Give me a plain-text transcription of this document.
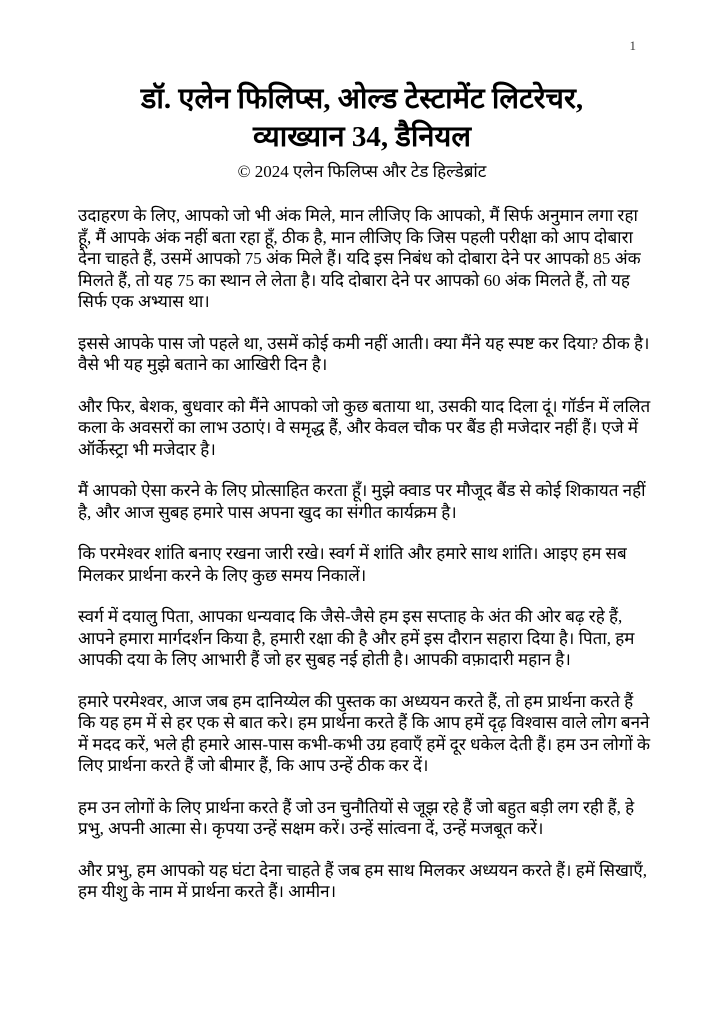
1
डॉ. एलेन फिलिप्स, ओल्ड टेस्टामेंट लिटरेचर,
व्याख्यान 34, डैनियल
© 2024 एलेन फिलिप्स और टेड हिल्डेब्रांट

उदाहरण के लिए, आपको जो भी अंक मिले, मान लीजिए कि आपको, मैं सिर्फ अनुमान लगा रहा हूँ, मैं आपके अंक नहीं बता रहा हूँ, ठीक है, मान लीजिए कि जिस पहली परीक्षा को आप दोबारा देना चाहते हैं, उसमें आपको 75 अंक मिले हैं। यदि इस निबंध को दोबारा देने पर आपको 85 अंक मिलते हैं, तो यह 75 का स्थान ले लेता है। यदि दोबारा देने पर आपको 60 अंक मिलते हैं, तो यह सिर्फ एक अभ्यास था।

इससे आपके पास जो पहले था, उसमें कोई कमी नहीं आती। क्या मैंने यह स्पष्ट कर दिया? ठीक है। वैसे भी यह मुझे बताने का आखिरी दिन है।

और फिर, बेशक, बुधवार को मैंने आपको जो कुछ बताया था, उसकी याद दिला दूं। गॉर्डन में ललित कला के अवसरों का लाभ उठाएं। वे समृद्ध हैं, और केवल चौक पर बैंड ही मजेदार नहीं हैं। एजे में ऑर्केस्ट्रा भी मजेदार है।

मैं आपको ऐसा करने के लिए प्रोत्साहित करता हूँ। मुझे क्वाड पर मौजूद बैंड से कोई शिकायत नहीं है, और आज सुबह हमारे पास अपना खुद का संगीत कार्यक्रम है।

कि परमेश्वर शांति बनाए रखना जारी रखे। स्वर्ग में शांति और हमारे साथ शांति। आइए हम सब मिलकर प्रार्थना करने के लिए कुछ समय निकालें।

स्वर्ग में दयालु पिता, आपका धन्यवाद कि जैसे-जैसे हम इस सप्ताह के अंत की ओर बढ़ रहे हैं, आपने हमारा मार्गदर्शन किया है, हमारी रक्षा की है और हमें इस दौरान सहारा दिया है। पिता, हम आपकी दया के लिए आभारी हैं जो हर सुबह नई होती है। आपकी वफ़ादारी महान है।

हमारे परमेश्वर, आज जब हम दानिय्येल की पुस्तक का अध्ययन करते हैं, तो हम प्रार्थना करते हैं कि यह हम में से हर एक से बात करे। हम प्रार्थना करते हैं कि आप हमें दृढ़ विश्वास वाले लोग बनने में मदद करें, भले ही हमारे आस-पास कभी-कभी उग्र हवाएँ हमें दूर धकेल देती हैं। हम उन लोगों के लिए प्रार्थना करते हैं जो बीमार हैं, कि आप उन्हें ठीक कर दें।

हम उन लोगों के लिए प्रार्थना करते हैं जो उन चुनौतियों से जूझ रहे हैं जो बहुत बड़ी लग रही हैं, हे प्रभु, अपनी आत्मा से। कृपया उन्हें सक्षम करें। उन्हें सांत्वना दें, उन्हें मजबूत करें।

और प्रभु, हम आपको यह घंटा देना चाहते हैं जब हम साथ मिलकर अध्ययन करते हैं। हमें सिखाएँ, हम यीशु के नाम में प्रार्थना करते हैं। आमीन।
